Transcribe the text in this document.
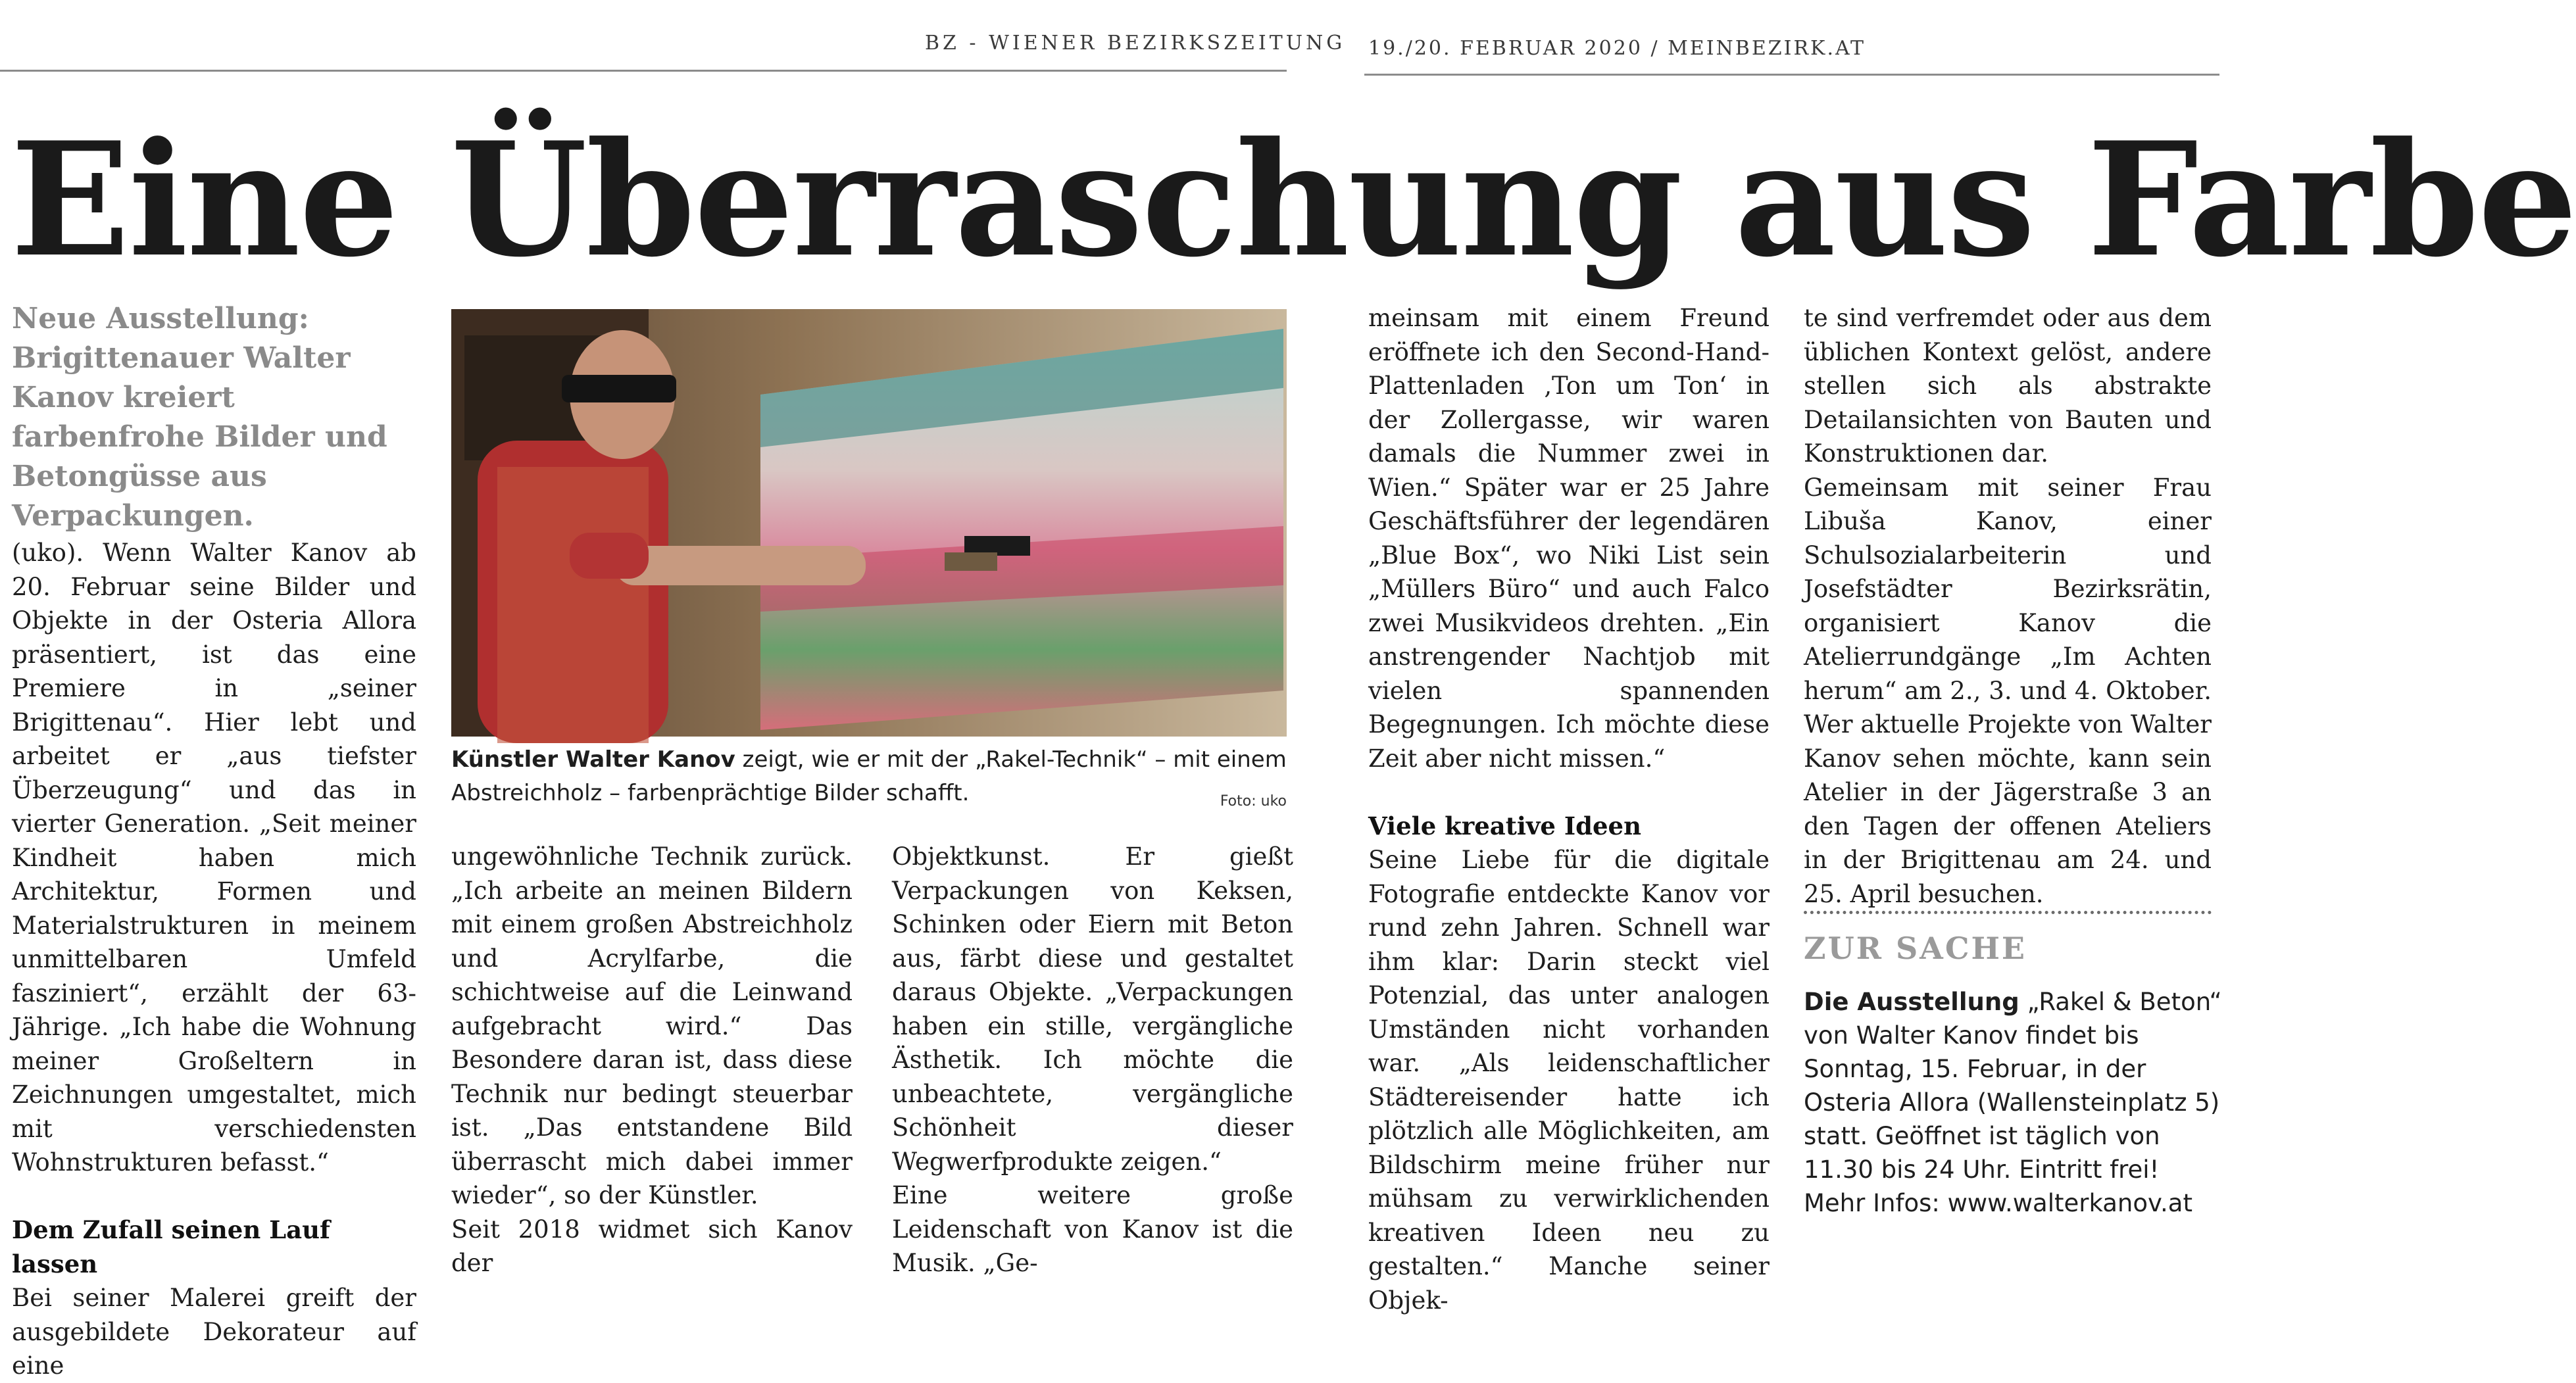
BZ - WIENER BEZIRKSZEITUNG 19./20. FEBRUAR 2020 / MEINBEZIRK.AT
Eine Überraschung aus Farbe
Neue Ausstellung: Brigittenauer Walter Kanov kreiert farbenfrohe Bilder und Betongüsse aus Verpackungen.

(uko). Wenn Walter Kanov ab 20. Februar seine Bilder und Objekte in der Osteria Allora präsentiert, ist das eine Premiere in „seiner Brigittenau“. Hier lebt und arbeitet er „aus tiefster Überzeugung“ und das in vierter Generation. „Seit meiner Kindheit haben mich Architektur, Formen und Materialstrukturen in meinem unmittelbaren Umfeld fasziniert“, erzählt der 63-Jährige. „Ich habe die Wohnung meiner Großeltern in Zeichnungen umgestaltet, mich mit verschiedensten Wohnstrukturen befasst.“

Dem Zufall seinen Lauf lassen

Bei seiner Malerei greift der ausgebildete Dekorateur auf eine

Künstler Walter Kanov zeigt, wie er mit der „Rakel-Technik“ – mit einem Abstreichholz – farbenprächtige Bilder schafft.	Foto: uko

ungewöhnliche Technik zurück. „Ich arbeite an meinen Bildern mit einem großen Abstreichholz und Acrylfarbe, die schichtweise auf die Leinwand aufgebracht wird.“ Das Besondere daran ist, dass diese Technik nur bedingt steuerbar ist. „Das entstandene Bild überrascht mich dabei immer wieder“, so der Künstler.

Seit 2018 widmet sich Kanov der

Objektkunst. Er gießt Verpackungen von Keksen, Schinken oder Eiern mit Beton aus, färbt diese und gestaltet daraus Objekte. „Verpackungen haben ein stille, vergängliche Ästhetik. Ich möchte die unbeachtete, vergängliche Schönheit dieser Wegwerfprodukte zeigen.“

Eine weitere große Leidenschaft von Kanov ist die Musik. „Ge-

meinsam mit einem Freund eröffnete ich den Second-Hand-Plattenladen ‚Ton um Ton‘ in der Zollergasse, wir waren damals die Nummer zwei in Wien.“ Später war er 25 Jahre Geschäftsführer der legendären „Blue Box“, wo Niki List sein „Müllers Büro“ und auch Falco zwei Musikvideos drehten. „Ein anstrengender Nachtjob mit vielen spannenden Begegnungen. Ich möchte diese Zeit aber nicht missen.“

Viele kreative Ideen

Seine Liebe für die digitale Fotografie entdeckte Kanov vor rund zehn Jahren. Schnell war ihm klar: Darin steckt viel Potenzial, das unter analogen Umständen nicht vorhanden war. „Als leidenschaftlicher Städtereisender hatte ich plötzlich alle Möglichkeiten, am Bildschirm meine früher nur mühsam zu verwirklichenden kreativen Ideen neu zu gestalten.“ Manche seiner Objek-

te sind verfremdet oder aus dem üblichen Kontext gelöst, andere stellen sich als abstrakte Detailansichten von Bauten und Konstruktionen dar.

Gemeinsam mit seiner Frau Libuša Kanov, einer Schulsozialarbeiterin und Josefstädter Bezirksrätin, organisiert Kanov die Atelierrundgänge „Im Achten herum“ am 2., 3. und 4. Oktober. Wer aktuelle Projekte von Walter Kanov sehen möchte, kann sein Atelier in der Jägerstraße 3 an den Tagen der offenen Ateliers in der Brigittenau am 24. und 25. April besuchen.

ZUR SACHE
Die Ausstellung „Rakel & Beton“ von Walter Kanov findet bis Sonntag, 15. Februar, in der Osteria Allora (Wallensteinplatz 5) statt. Geöffnet ist täglich von 11.30 bis 24 Uhr. Eintritt frei!
Mehr Infos: www.walterkanov.at
